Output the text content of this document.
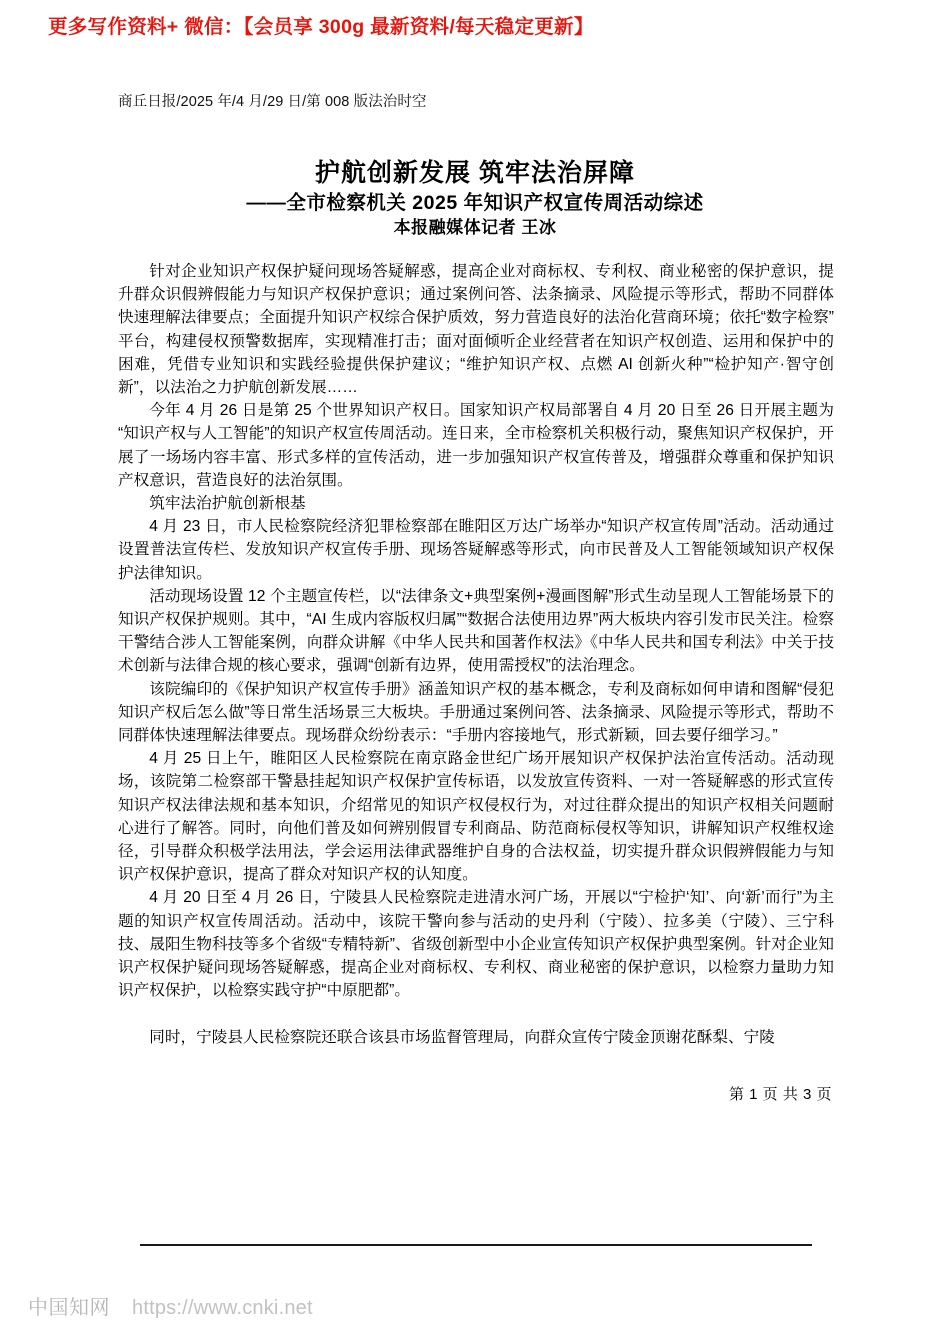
更多写作资料+ 微信：【会员享 300g 最新资料/每天稳定更新】
商丘日报/2025 年/4 月/29 日/第 008 版法治时空
护航创新发展 筑牢法治屏障
——全市检察机关 2025 年知识产权宣传周活动综述
本报融媒体记者 王冰

针对企业知识产权保护疑问现场答疑解惑，提高企业对商标权、专利权、商业秘密的保护意识，提升群众识假辨假能力与知识产权保护意识；通过案例问答、法条摘录、风险提示等形式，帮助不同群体快速理解法律要点；全面提升知识产权综合保护质效，努力营造良好的法治化营商环境；依托“数字检察”平台，构建侵权预警数据库，实现精准打击；面对面倾听企业经营者在知识产权创造、运用和保护中的困难，凭借专业知识和实践经验提供保护建议；“维护知识产权、点燃 AI 创新火种”“检护知产·智守创新”，以法治之力护航创新发展……

今年 4 月 26 日是第 25 个世界知识产权日。国家知识产权局部署自 4 月 20 日至 26 日开展主题为“知识产权与人工智能”的知识产权宣传周活动。连日来，全市检察机关积极行动，聚焦知识产权保护，开展了一场场内容丰富、形式多样的宣传活动，进一步加强知识产权宣传普及，增强群众尊重和保护知识产权意识，营造良好的法治氛围。

筑牢法治护航创新根基

4 月 23 日，市人民检察院经济犯罪检察部在睢阳区万达广场举办“知识产权宣传周”活动。活动通过设置普法宣传栏、发放知识产权宣传手册、现场答疑解惑等形式，向市民普及人工智能领域知识产权保护法律知识。

活动现场设置 12 个主题宣传栏，以“法律条文+典型案例+漫画图解”形式生动呈现人工智能场景下的知识产权保护规则。其中，“AI 生成内容版权归属”“数据合法使用边界”两大板块内容引发市民关注。检察干警结合涉人工智能案例，向群众讲解《中华人民共和国著作权法》《中华人民共和国专利法》中关于技术创新与法律合规的核心要求，强调“创新有边界，使用需授权”的法治理念。

该院编印的《保护知识产权宣传手册》涵盖知识产权的基本概念，专利及商标如何申请和图解“侵犯知识产权后怎么做”等日常生活场景三大板块。手册通过案例问答、法条摘录、风险提示等形式，帮助不同群体快速理解法律要点。现场群众纷纷表示：“手册内容接地气，形式新颖，回去要仔细学习。”

4 月 25 日上午，睢阳区人民检察院在南京路金世纪广场开展知识产权保护法治宣传活动。活动现场，该院第二检察部干警悬挂起知识产权保护宣传标语，以发放宣传资料、一对一答疑解惑的形式宣传知识产权法律法规和基本知识，介绍常见的知识产权侵权行为，对过往群众提出的知识产权相关问题耐心进行了解答。同时，向他们普及如何辨别假冒专利商品、防范商标侵权等知识，讲解知识产权维权途径，引导群众积极学法用法，学会运用法律武器维护自身的合法权益，切实提升群众识假辨假能力与知识产权保护意识，提高了群众对知识产权的认知度。

4 月 20 日至 4 月 26 日，宁陵县人民检察院走进清水河广场，开展以“宁检护‘知’、向‘新’而行”为主题的知识产权宣传周活动。活动中，该院干警向参与活动的史丹利（宁陵）、拉多美（宁陵）、三宁科技、晟阳生物科技等多个省级“专精特新”、省级创新型中小企业宣传知识产权保护典型案例。针对企业知识产权保护疑问现场答疑解惑，提高企业对商标权、专利权、商业秘密的保护意识，以检察力量助力知识产权保护，以检察实践守护“中原肥都”。

同时，宁陵县人民检察院还联合该县市场监督管理局，向群众宣传宁陵金顶谢花酥梨、宁陵

第 1 页 共 3 页
中国知网 https://www.cnki.net
